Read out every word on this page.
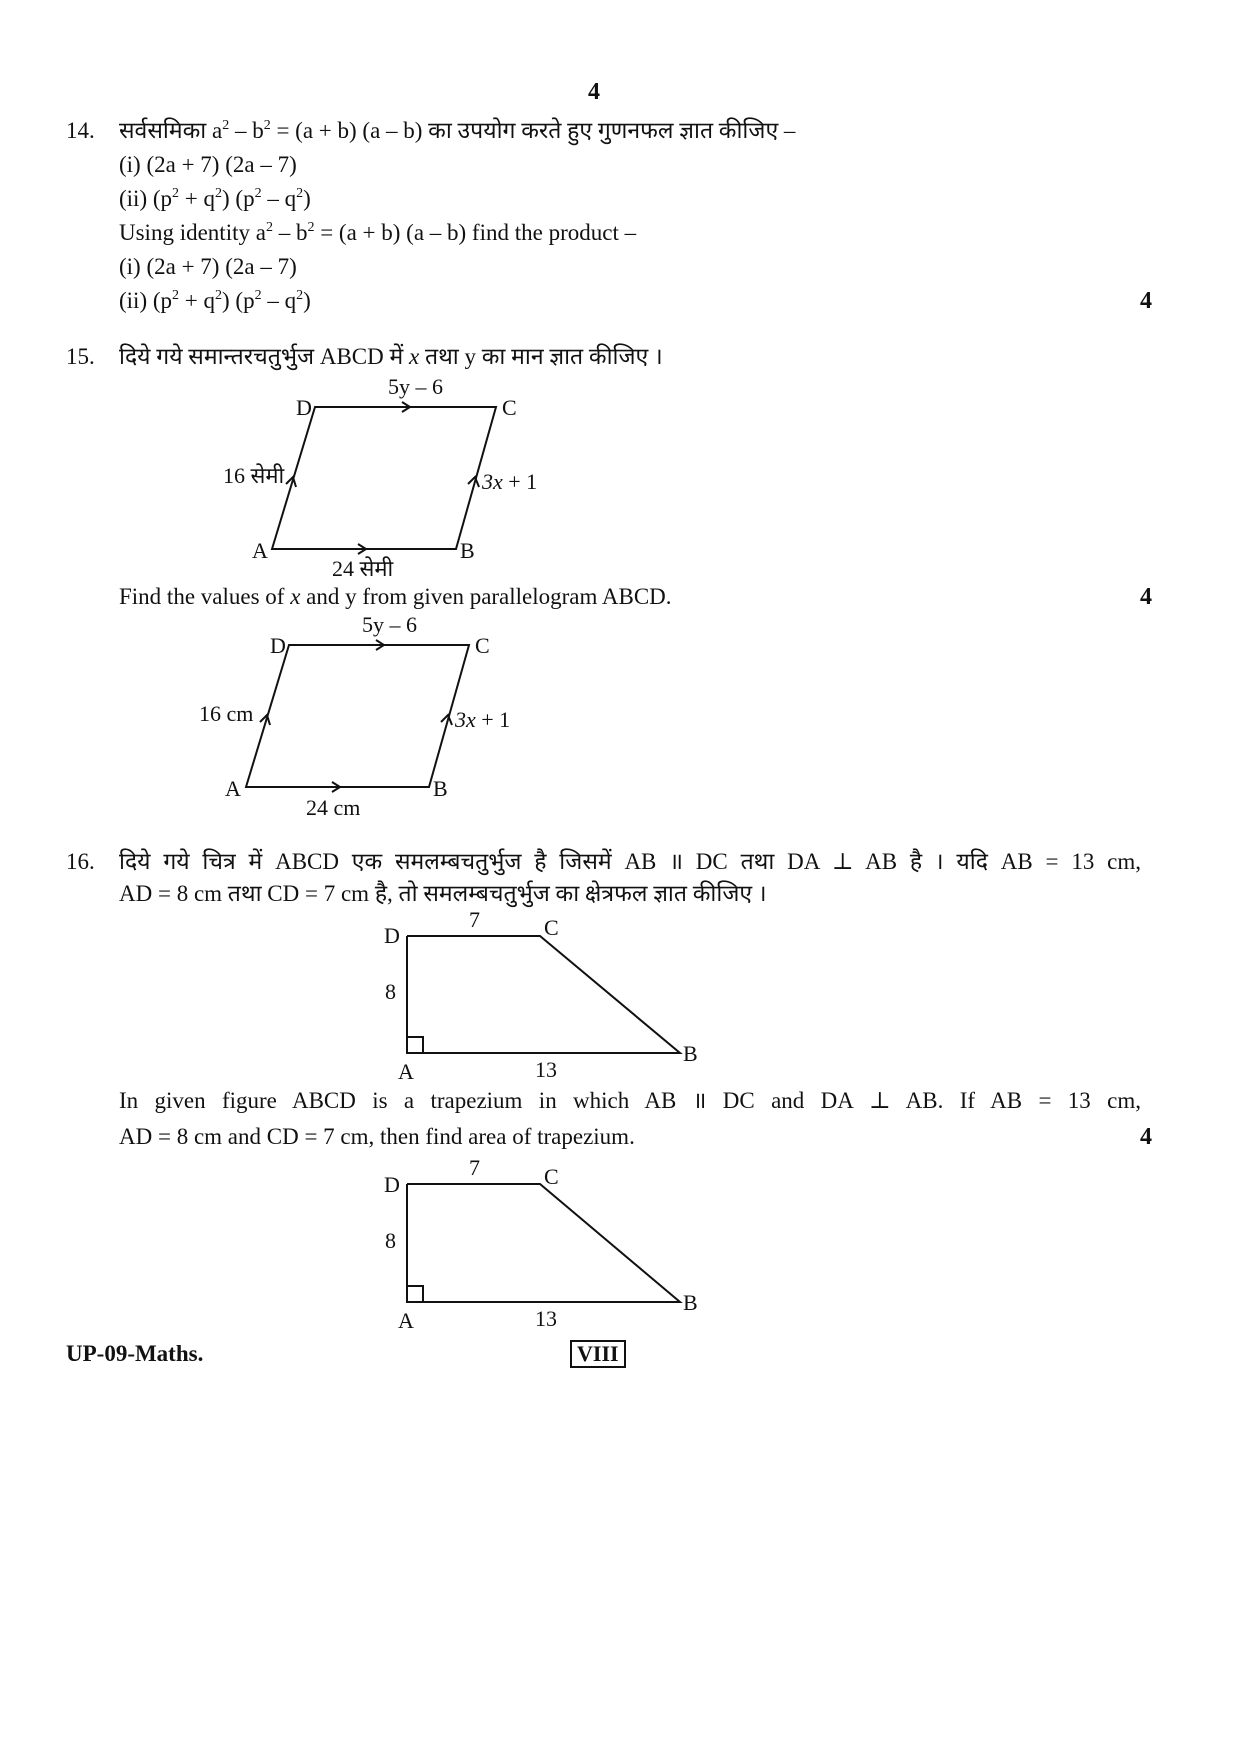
4
14. सर्वसमिका $a^2 - b^2 = (a + b)$ (a – b) का उपयोग करते हुए गुणनफल ज्ञात कीजिए –
(i) (2a + 7) (2a – 7)
(ii) $(p^2 + q^2)$ $(p^2 - q^2)$
Using identity $a^2 - b^2 = (a + b)$ (a – b) find the product –
(i) (2a + 7) (2a – 7)
(ii) $(p^2 + q^2)$ $(p^2 - q^2)$	4
15. दिये गये समान्तरचतुर्भुज ABCD में x तथा y का मान ज्ञात कीजिए ।
D	C
A	B
5y – 6
16 सेमी	3x + 1
24 सेमी
Find the values of x and y from given parallelogram ABCD.	4
D	C
A	B
5y – 6
16 cm	3x + 1
24 cm
16. दिये गये चित्र में ABCD एक समलम्बचतुर्भुज है जिसमें AB ॥ DC तथा DA ⊥ AB है । यदि AB = 13 cm,
AD = 8 cm तथा CD = 7 cm है, तो समलम्बचतुर्भुज का क्षेत्रफल ज्ञात कीजिए ।
D	C
A
B
7
8
13
In given figure ABCD is a trapezium in which AB ॥ DC and DA ⊥ AB. If AB = 13 cm,
AD = 8 cm and CD = 7 cm, then find area of trapezium.	4
D	C
A
B
7
8
13
UP-09-Maths.	VIII
